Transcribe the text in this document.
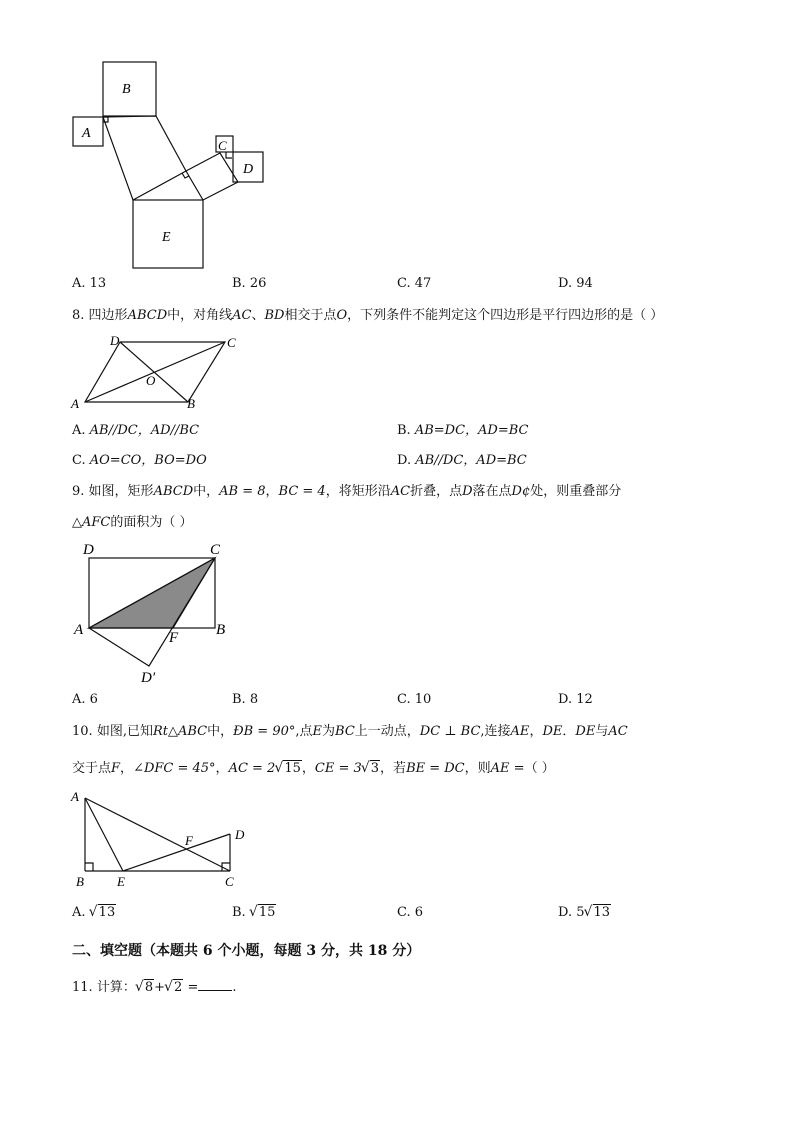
B
A
C
D
E
A. 13	B. 26	C. 47	D. 94
8. 四边形ABCD中，对角线AC、BD相交于点O，下列条件不能判定这个四边形是平行四边形的是（ ）
A	B
C
D
O
A. AB//DC，AD//BC	B. AB=DC，AD=BC
C. AO=CO，BO=DO	D. AB//DC，AD=BC
9. 如图，矩形ABCD中，AB = 8，BC = 4，将矩形沿AC折叠，点D落在点D¢处，则重叠部分
△AFC的面积为（ ）
D	C
A	B
F
D′
A. 6	B. 8	C. 10	D. 12
10. 如图,已知Rt△ABC中，ÐB = 90°,点E为BC上一动点，DC ⊥ BC,连接AE，DE．DE与AC
交于点F，∠DFC = 45°，AC = 2 √ 15，CE = 3 √ 3，若BE = DC，则AE =（ ）
A
B	E	C
D
F
A. √ 13	B. √ 15	C. 6	D. 5 √ 13
二、填空题（本题共 6 个小题，每题 3 分，共 18 分）
11. 计算： √ 8+ √ 2 =	.
